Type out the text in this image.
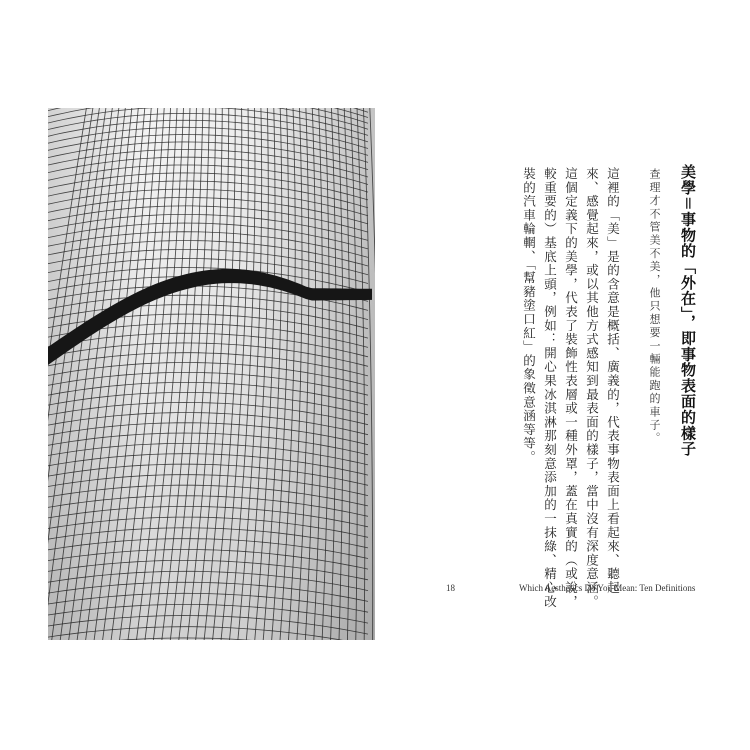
美學＝事物的「外在」，即事物表面的樣子
查理才不管美不美，他只想要一輛能跑的車子。
這裡的「美」是的含意是概括、廣義的，代表事物表面上看起來、聽起
來、感覺起來，或以其他方式感知到最表面的樣子，當中沒有深度意涵。
這個定義下的美學，代表了裝飾性表層或一種外罩，蓋在真實的（或說，
較重要的）基底上頭，例如：開心果冰淇淋那刻意添加的一抹綠、精心改
裝的汽車輪輞、「幫豬塗口紅」的象徵意涵等等。
18	Which Aesthetics Do You Mean: Ten Definitions
